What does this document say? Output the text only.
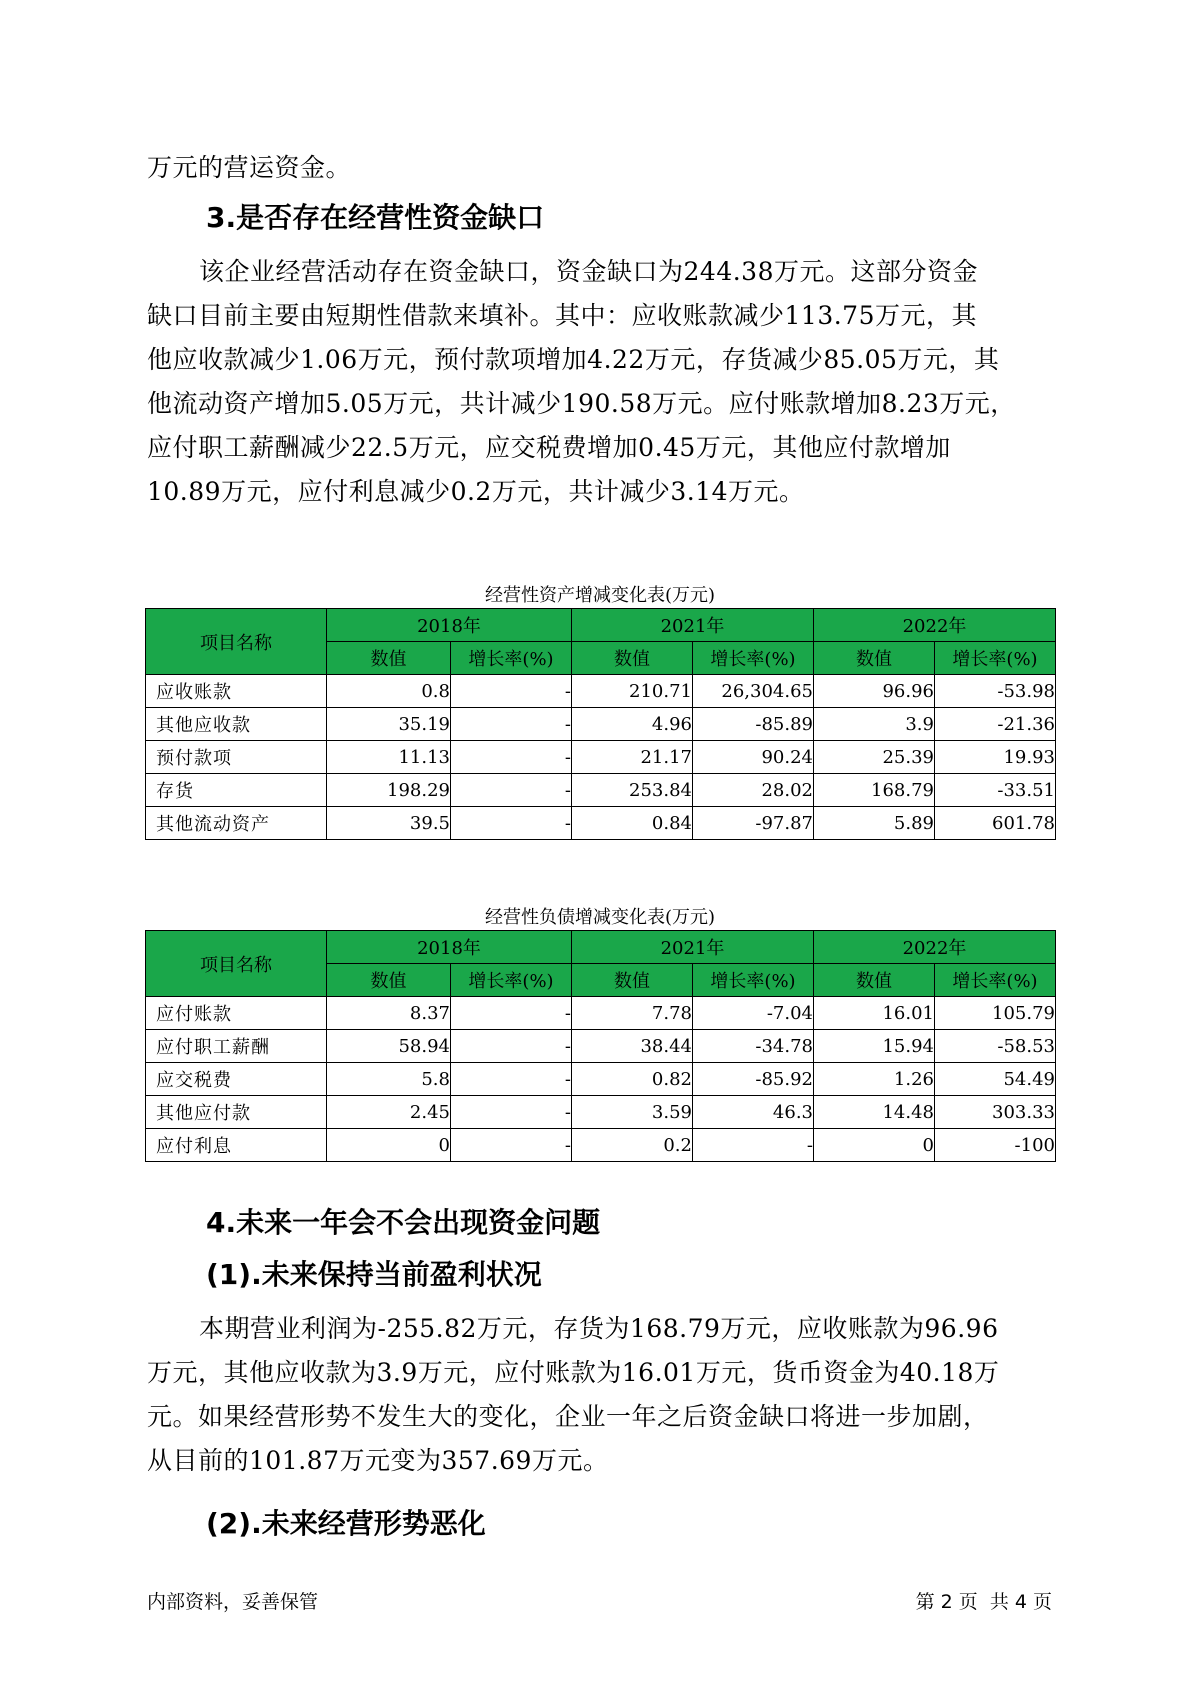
万元的营运资金。

3.是否存在经营性资金缺口
该企业经营活动存在资金缺口，资金缺口为244.38万元。这部分资金
缺口目前主要由短期性借款来填补。其中：应收账款减少113.75万元，其
他应收款减少1.06万元，预付款项增加4.22万元，存货减少85.05万元，其
他流动资产增加5.05万元，共计减少190.58万元。应付账款增加8.23万元，
应付职工薪酬减少22.5万元，应交税费增加0.45万元，其他应付款增加
10.89万元，应付利息减少0.2万元，共计减少3.14万元。

经营性资产增减变化表(万元)

项目名称	2018年		2021年		2022年	
	数值	增长率(%)	数值	增长率(%)	数值	增长率(%)
应收账款	0.8	-	210.71	26,304.65	96.96	-53.98
其他应收款	35.19	-	4.96	-85.89	3.9	-21.36
预付款项	11.13	-	21.17	90.24	25.39	19.93
存货	198.29	-	253.84	28.02	168.79	-33.51
其他流动资产	39.5	-	0.84	-97.87	5.89	601.78

经营性负债增减变化表(万元)

项目名称	2018年		2021年		2022年	
	数值	增长率(%)	数值	增长率(%)	数值	增长率(%)
应付账款	8.37	-	7.78	-7.04	16.01	105.79
应付职工薪酬	58.94	-	38.44	-34.78	15.94	-58.53
应交税费	5.8	-	0.82	-85.92	1.26	54.49
其他应付款	2.45	-	3.59	46.3	14.48	303.33
应付利息	0	-	0.2	-	0	-100
4.未来一年会不会出现资金问题
(1).未来保持当前盈利状况
本期营业利润为-255.82万元，存货为168.79万元，应收账款为96.96
万元，其他应收款为3.9万元，应付账款为16.01万元，货币资金为40.18万
元。如果经营形势不发生大的变化，企业一年之后资金缺口将进一步加剧，
从目前的101.87万元变为357.69万元。
(2).未来经营形势恶化

内部资料，妥善保管	第 2 页  共 4 页
